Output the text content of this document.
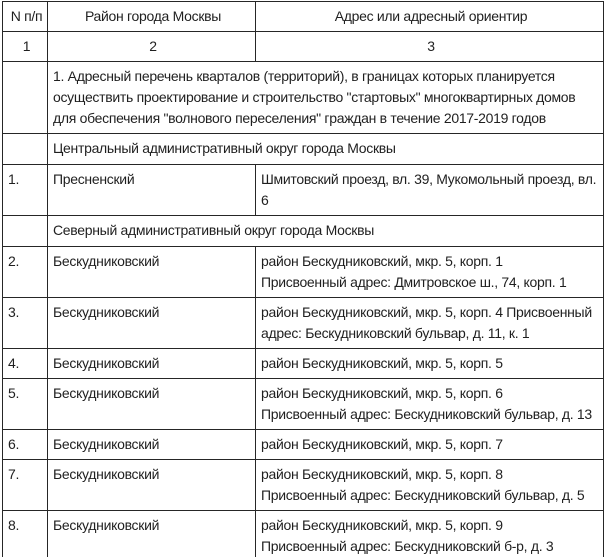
N п/п	Район города Москвы	Адрес или адресный ориентир
1	2	3

	1. Адресный перечень кварталов (территорий), в границах которых планируется
осуществить проектирование и строительство "стартовых" многоквартирных домов
для обеспечения "волнового переселения" граждан в течение 2017-2019 годов	

	Центральный административный округ города Москвы	
1.	Пресненский	Шмитовский проезд, вл. 39, Мукомольный проезд, вл.
6

	Северный административный округ города Москвы	
2.	Бескудниковский	район Бескудниковский, мкр. 5, корп. 1
Присвоенный адрес: Дмитровское ш., 74, корп. 1

3.	Бескудниковский	район Бескудниковский, мкр. 5, корп. 4 Присвоенный
адрес: Бескудниковский бульвар, д. 11, к. 1

4.	Бескудниковский	район Бескудниковский, мкр. 5, корп. 5

5.	Бескудниковский	район Бескудниковский, мкр. 5, корп. 6
Присвоенный адрес: Бескудниковский бульвар, д. 13

6.	Бескудниковский	район Бескудниковский, мкр. 5, корп. 7

7.	Бескудниковский	район Бескудниковский, мкр. 5, корп. 8
Присвоенный адрес: Бескудниковский бульвар, д. 5

8.	Бескудниковский	район Бескудниковский, мкр. 5, корп. 9
Присвоенный адрес: Бескудниковский б-р, д. 3
